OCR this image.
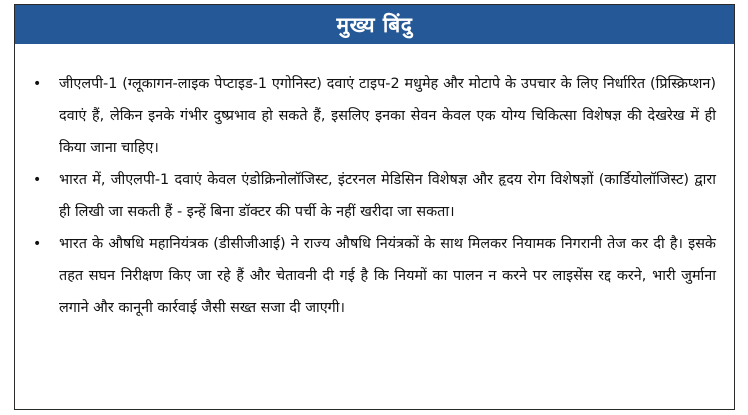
मुख्य बिंदु
• जीएलपी-1 (ग्लूकागन-लाइक पेप्टाइड-1 एगोनिस्ट) दवाएं टाइप-2 मधुमेह और मोटापे के उपचार के लिए निर्धारित (प्रिस्क्रिप्शन) दवाएं हैं, लेकिन इनके गंभीर दुष्प्रभाव हो सकते हैं, इसलिए इनका सेवन केवल एक योग्य चिकित्सा विशेषज्ञ की देखरेख में ही किया जाना चाहिए।
• भारत में, जीएलपी-1 दवाएं केवल एंडोक्रिनोलॉजिस्ट, इंटरनल मेडिसिन विशेषज्ञ और हृदय रोग विशेषज्ञों (कार्डियोलॉजिस्ट) द्वारा ही लिखी जा सकती हैं - इन्हें बिना डॉक्टर की पर्ची के नहीं खरीदा जा सकता।
• भारत के औषधि महानियंत्रक (डीसीजीआई) ने राज्य औषधि नियंत्रकों के साथ मिलकर नियामक निगरानी तेज कर दी है। इसके तहत सघन निरीक्षण किए जा रहे हैं और चेतावनी दी गई है कि नियमों का पालन न करने पर लाइसेंस रद्द करने, भारी जुर्माना लगाने और कानूनी कार्रवाई जैसी सख्त सजा दी जाएगी।
